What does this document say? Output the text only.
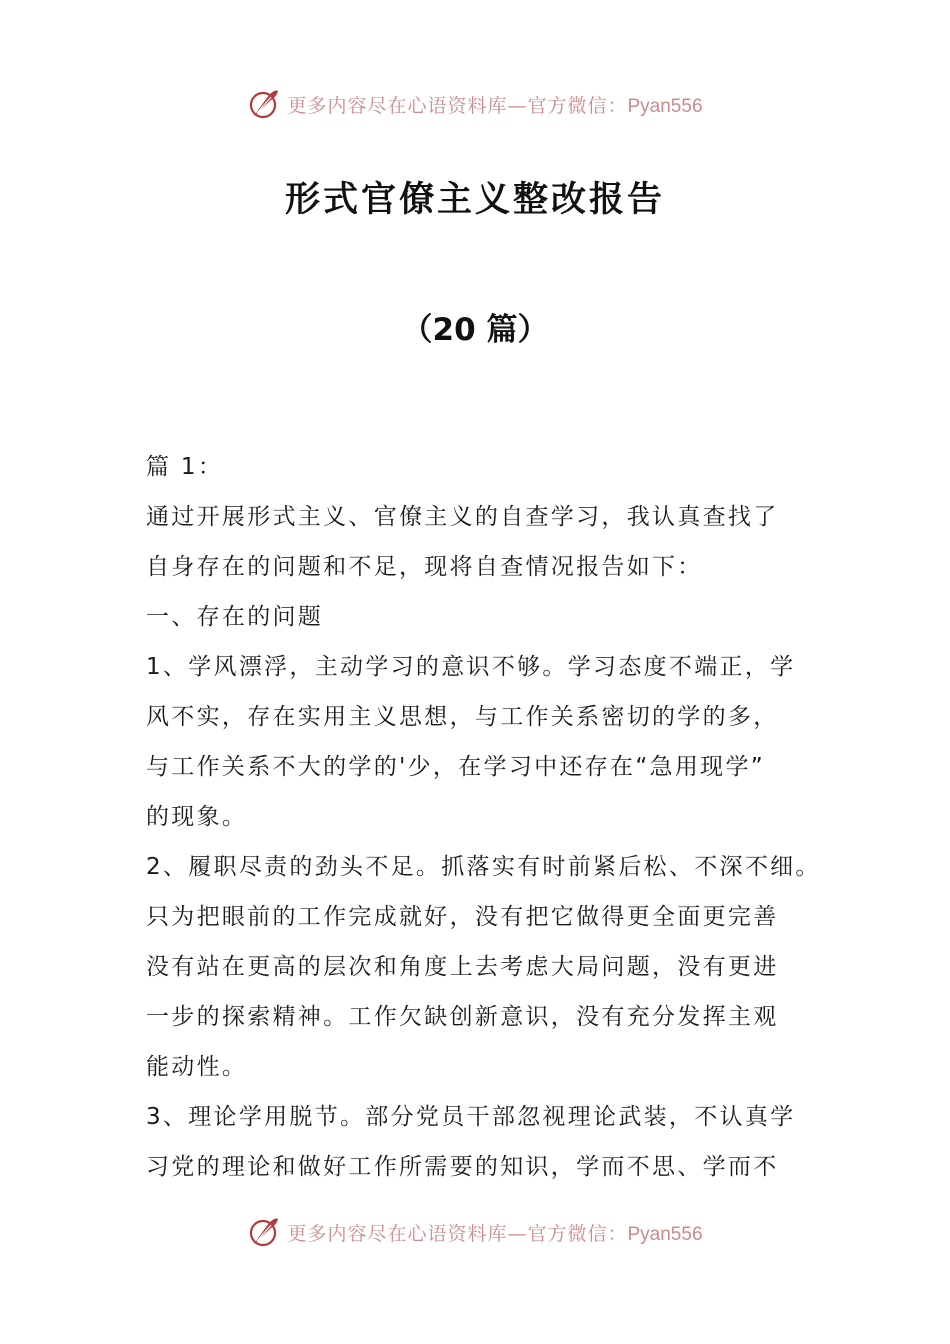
更多内容尽在心语资料库—官方微信：Pyan556
形式官僚主义整改报告
（20 篇）
篇 1：
通过开展形式主义、官僚主义的自查学习，我认真查找了
自身存在的问题和不足，现将自查情况报告如下：
一、存在的问题
1、学风漂浮，主动学习的意识不够。学习态度不端正，学
风不实，存在实用主义思想，与工作关系密切的学的多，
与工作关系不大的学的'少，在学习中还存在“急用现学”
的现象。
2、履职尽责的劲头不足。抓落实有时前紧后松、不深不细。
只为把眼前的工作完成就好，没有把它做得更全面更完善
没有站在更高的层次和角度上去考虑大局问题，没有更进
一步的探索精神。工作欠缺创新意识，没有充分发挥主观
能动性。
3、理论学用脱节。部分党员干部忽视理论武装，不认真学
习党的理论和做好工作所需要的知识，学而不思、学而不
更多内容尽在心语资料库—官方微信：Pyan556
